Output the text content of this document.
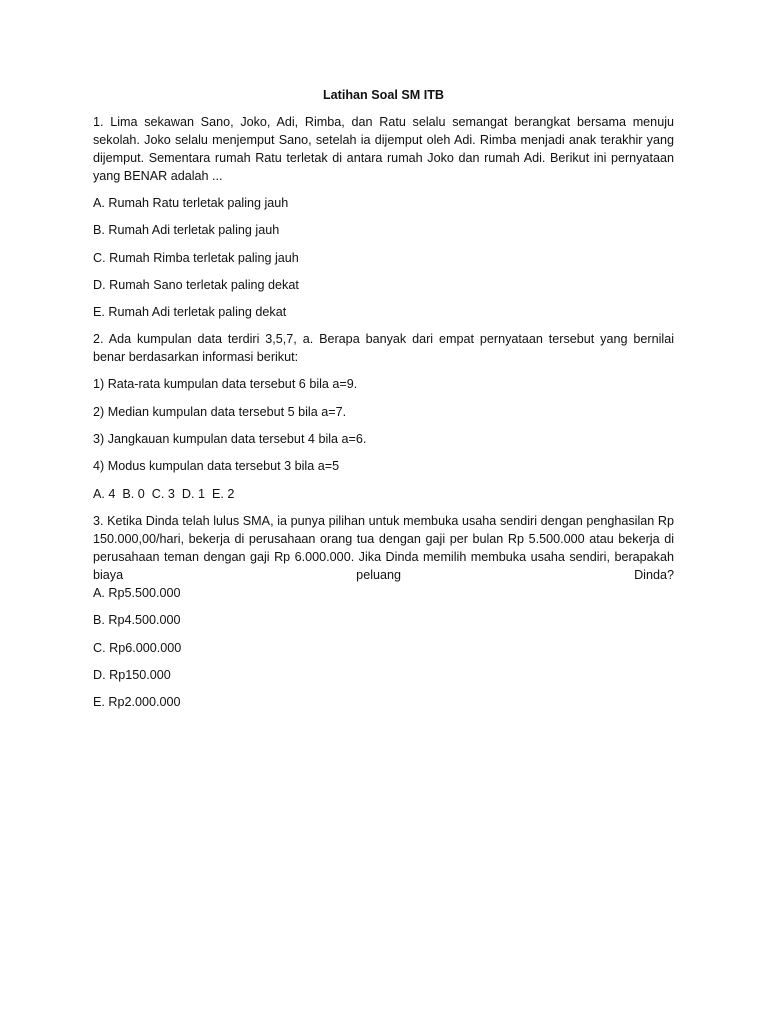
Latihan Soal SM ITB
1. Lima sekawan Sano, Joko, Adi, Rimba, dan Ratu selalu semangat berangkat bersama menuju sekolah. Joko selalu menjemput Sano, setelah ia dijemput oleh Adi. Rimba menjadi anak terakhir yang dijemput. Sementara rumah Ratu terletak di antara rumah Joko dan rumah Adi. Berikut ini pernyataan yang BENAR adalah ...
A. Rumah Ratu terletak paling jauh
B. Rumah Adi terletak paling jauh
C. Rumah Rimba terletak paling jauh
D. Rumah Sano terletak paling dekat
E. Rumah Adi terletak paling dekat
2. Ada kumpulan data terdiri 3,5,7, a. Berapa banyak dari empat pernyataan tersebut yang bernilai benar berdasarkan informasi berikut:
1) Rata-rata kumpulan data tersebut 6 bila a=9.
2) Median kumpulan data tersebut 5 bila a=7.
3) Jangkauan kumpulan data tersebut 4 bila a=6.
4) Modus kumpulan data tersebut 3 bila a=5
A. 4  B. 0  C. 3  D. 1  E. 2
3. Ketika Dinda telah lulus SMA, ia punya pilihan untuk membuka usaha sendiri dengan penghasilan Rp 150.000,00/hari, bekerja di perusahaan orang tua dengan gaji per bulan Rp 5.500.000 atau bekerja di perusahaan teman dengan gaji Rp 6.000.000. Jika Dinda memilih membuka usaha sendiri, berapakah biaya peluang Dinda?
A. Rp5.500.000
B. Rp4.500.000
C. Rp6.000.000
D. Rp150.000
E. Rp2.000.000
